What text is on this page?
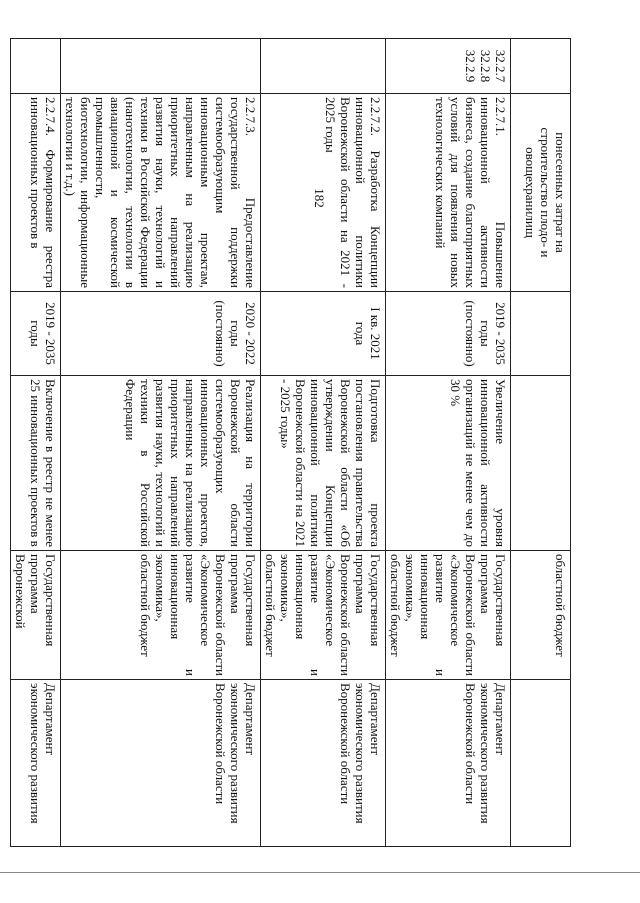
182
		понесенных затрат на строительство плодо- и овощехранилищ			областной бюджет	
32.2.7
32.2.8
32.2.9	2.2.7.1. Повышение инновационной активности бизнеса, создание благоприятных условий для появления новых технологических компаний	2019 - 2035 годы (постоянно)	Увеличение уровня инновационной активности организаций не менее чем до 30 %	Государственная программа Воронежской области «Экономическое развитие и инновационная экономика», областной бюджет	Департамент экономического развития Воронежской области
	2.2.7.2. Разработка Концепции инновационной политики Воронежской области на 2021 - 2025 годы	I кв. 2021 года	Подготовка проекта постановления правительства Воронежской области «Об утверждении Концепции инновационной политики Воронежской области на 2021 - 2025 годы»	Государственная программа Воронежской области «Экономическое развитие и инновационная экономика», областной бюджет	Департамент экономического развития Воронежской области
	2.2.7.3. Предоставление государственной поддержки системообразующим инновационным проектам, направленным на реализацию приоритетных направлений развития науки, технологий и техники в Российской Федерации (нанотехнологии, технологии в авиационной и космической промышленности, биотехнологии, информационные технологии и т.д.)	2020 - 2022 годы (постоянно)	Реализация на территории Воронежской области системообразующих инновационных проектов, направленных на реализацию приоритетных направлений развития науки, технологий и техники в Российской Федерации	Государственная программа Воронежской области «Экономическое развитие и инновационная экономика», областной бюджет	Департамент экономического развития Воронежской области
	2.2.7.4. Формирование реестра инновационных проектов в	2019 - 2035 годы	Включение в реестр не менее 25 инновационных проектов в	Государственная программа Воронежской	Департамент экономического развития
